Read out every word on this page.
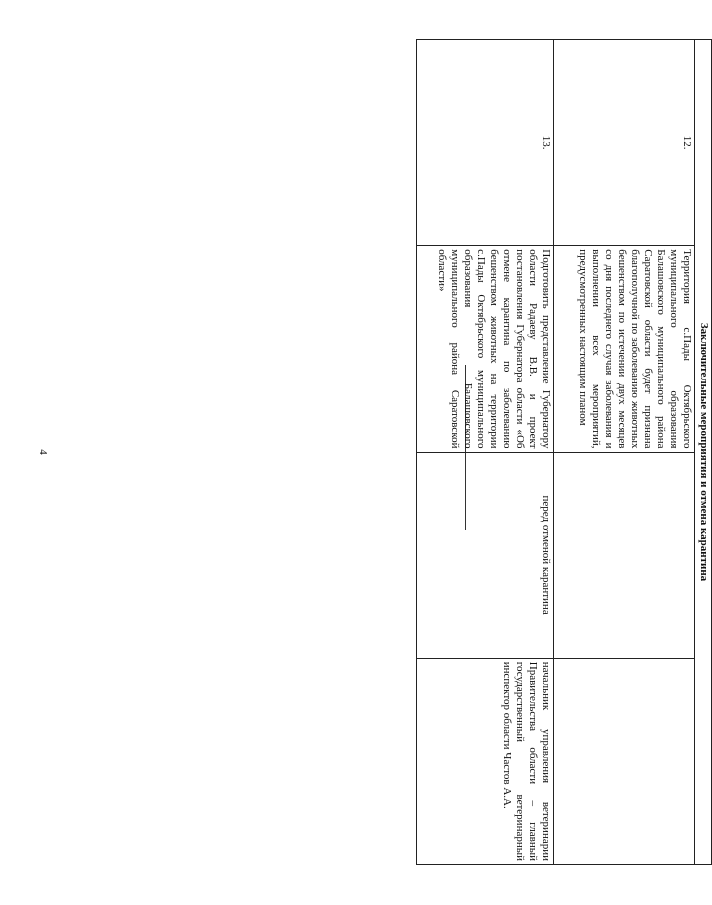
4	Заключительные мероприятия и отмена карантина			
12.	Территория с.Пады Октябрьского муниципального образования Балашовского муниципального района Саратовской области будет признана благополучной по заболеванию животных бешенством по истечении двух месяцев со дня последнего случая заболевания и выполнении всех мероприятий, предусмотренных настоящим планом		
13.	Подготовить представление Губернатору области Радаеву В.В. и проект постановления Губернатора области «Об отмене карантина по заболеванию бешенством животных на территории с.Пады Октябрьского муниципального образования Балашовского муниципального района Саратовской области»	перед отменой карантина	начальник управления ветеринарии Правительства области – главный государственный ветеринарный инспектор области Частов А.А.
